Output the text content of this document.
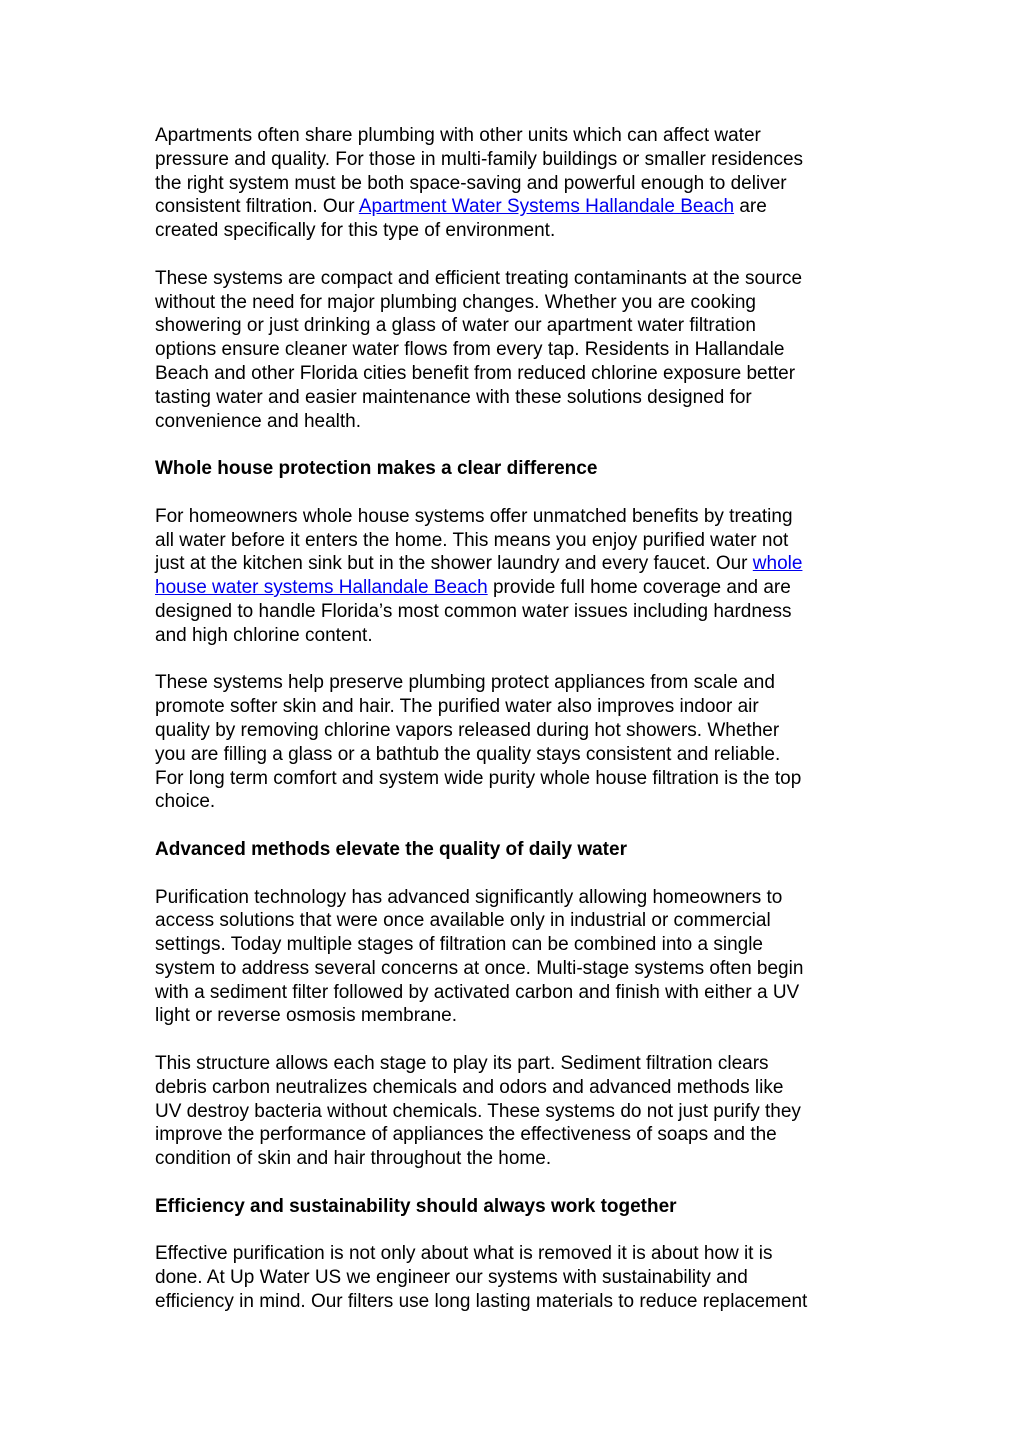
Apartments often share plumbing with other units which can affect water
pressure and quality. For those in multi-family buildings or smaller residences
the right system must be both space-saving and powerful enough to deliver
consistent filtration. Our Apartment Water Systems Hallandale Beach are
created specifically for this type of environment.
These systems are compact and efficient treating contaminants at the source
without the need for major plumbing changes. Whether you are cooking
showering or just drinking a glass of water our apartment water filtration
options ensure cleaner water flows from every tap. Residents in Hallandale
Beach and other Florida cities benefit from reduced chlorine exposure better
tasting water and easier maintenance with these solutions designed for
convenience and health.
Whole house protection makes a clear difference
For homeowners whole house systems offer unmatched benefits by treating
all water before it enters the home. This means you enjoy purified water not
just at the kitchen sink but in the shower laundry and every faucet. Our whole
house water systems Hallandale Beach provide full home coverage and are
designed to handle Florida’s most common water issues including hardness
and high chlorine content.
These systems help preserve plumbing protect appliances from scale and
promote softer skin and hair. The purified water also improves indoor air
quality by removing chlorine vapors released during hot showers. Whether
you are filling a glass or a bathtub the quality stays consistent and reliable.
For long term comfort and system wide purity whole house filtration is the top
choice.
Advanced methods elevate the quality of daily water
Purification technology has advanced significantly allowing homeowners to
access solutions that were once available only in industrial or commercial
settings. Today multiple stages of filtration can be combined into a single
system to address several concerns at once. Multi-stage systems often begin
with a sediment filter followed by activated carbon and finish with either a UV
light or reverse osmosis membrane.
This structure allows each stage to play its part. Sediment filtration clears
debris carbon neutralizes chemicals and odors and advanced methods like
UV destroy bacteria without chemicals. These systems do not just purify they
improve the performance of appliances the effectiveness of soaps and the
condition of skin and hair throughout the home.
Efficiency and sustainability should always work together
Effective purification is not only about what is removed it is about how it is
done. At Up Water US we engineer our systems with sustainability and
efficiency in mind. Our filters use long lasting materials to reduce replacement
